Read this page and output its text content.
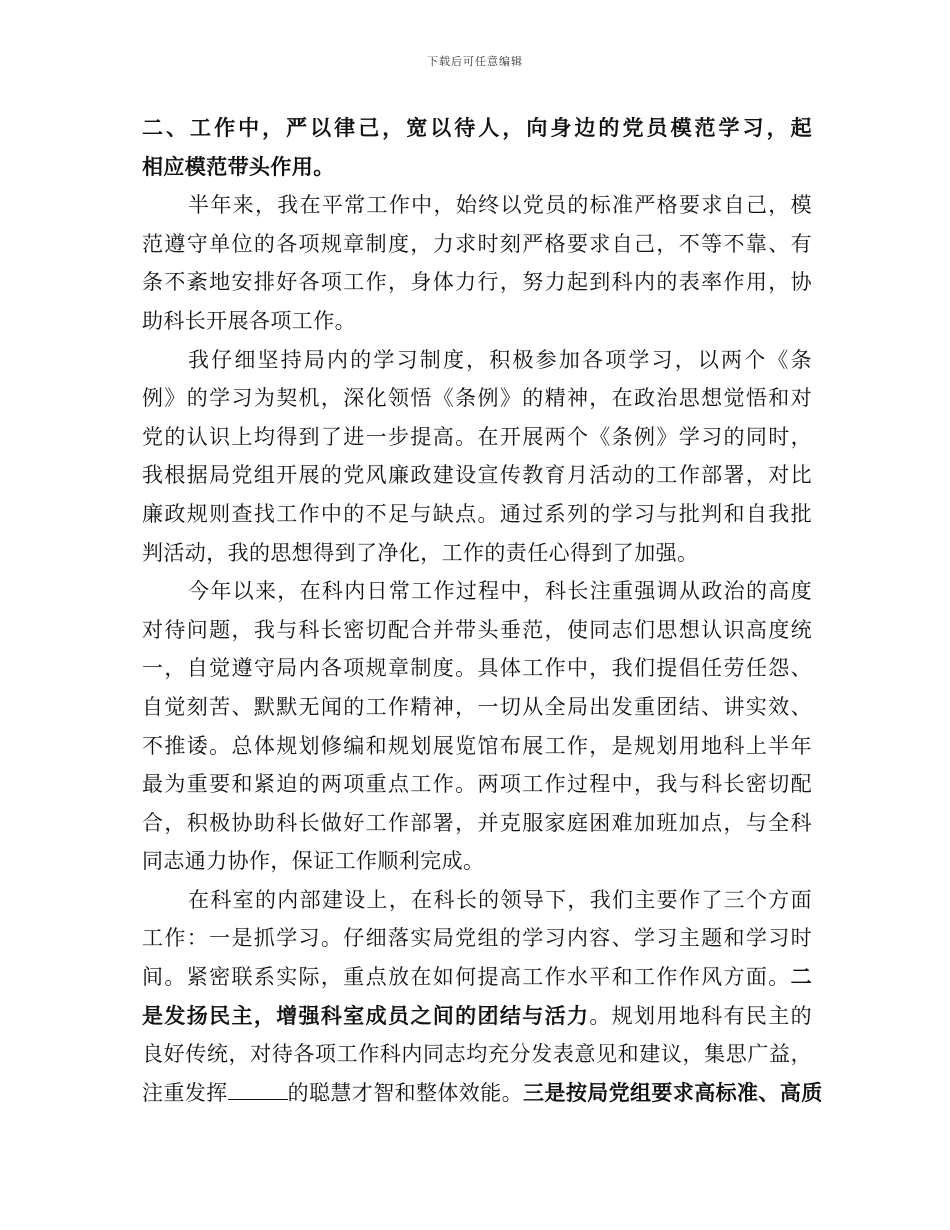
下载后可任意编辑
二、工作中，严以律己，宽以待人，向身边的党员模范学习，起
相应模范带头作用。
半年来，我在平常工作中，始终以党员的标准严格要求自己，模
范遵守单位的各项规章制度，力求时刻严格要求自己，不等不靠、有
条不紊地安排好各项工作，身体力行，努力起到科内的表率作用，协
助科长开展各项工作。
我仔细坚持局内的学习制度，积极参加各项学习，以两个《条
例》的学习为契机，深化领悟《条例》的精神，在政治思想觉悟和对
党的认识上均得到了进一步提高。在开展两个《条例》学习的同时，
我根据局党组开展的党风廉政建设宣传教育月活动的工作部署，对比
廉政规则查找工作中的不足与缺点。通过系列的学习与批判和自我批
判活动，我的思想得到了净化，工作的责任心得到了加强。
今年以来，在科内日常工作过程中，科长注重强调从政治的高度
对待问题，我与科长密切配合并带头垂范，使同志们思想认识高度统
一，自觉遵守局内各项规章制度。具体工作中，我们提倡任劳任怨、
自觉刻苦、默默无闻的工作精神，一切从全局出发重团结、讲实效、
不推诿。总体规划修编和规划展览馆布展工作，是规划用地科上半年
最为重要和紧迫的两项重点工作。两项工作过程中，我与科长密切配
合，积极协助科长做好工作部署，并克服家庭困难加班加点，与全科
同志通力协作，保证工作顺利完成。
在科室的内部建设上，在科长的领导下，我们主要作了三个方面
工作：一是抓学习。仔细落实局党组的学习内容、学习主题和学习时
间。紧密联系实际，重点放在如何提高工作水平和工作作风方面。二
是发扬民主，增强科室成员之间的团结与活力。规划用地科有民主的
良好传统，对待各项工作科内同志均充分发表意见和建议，集思广益，
注重发挥	的聪慧才智和整体效能。三是按局党组要求高标准、高质
